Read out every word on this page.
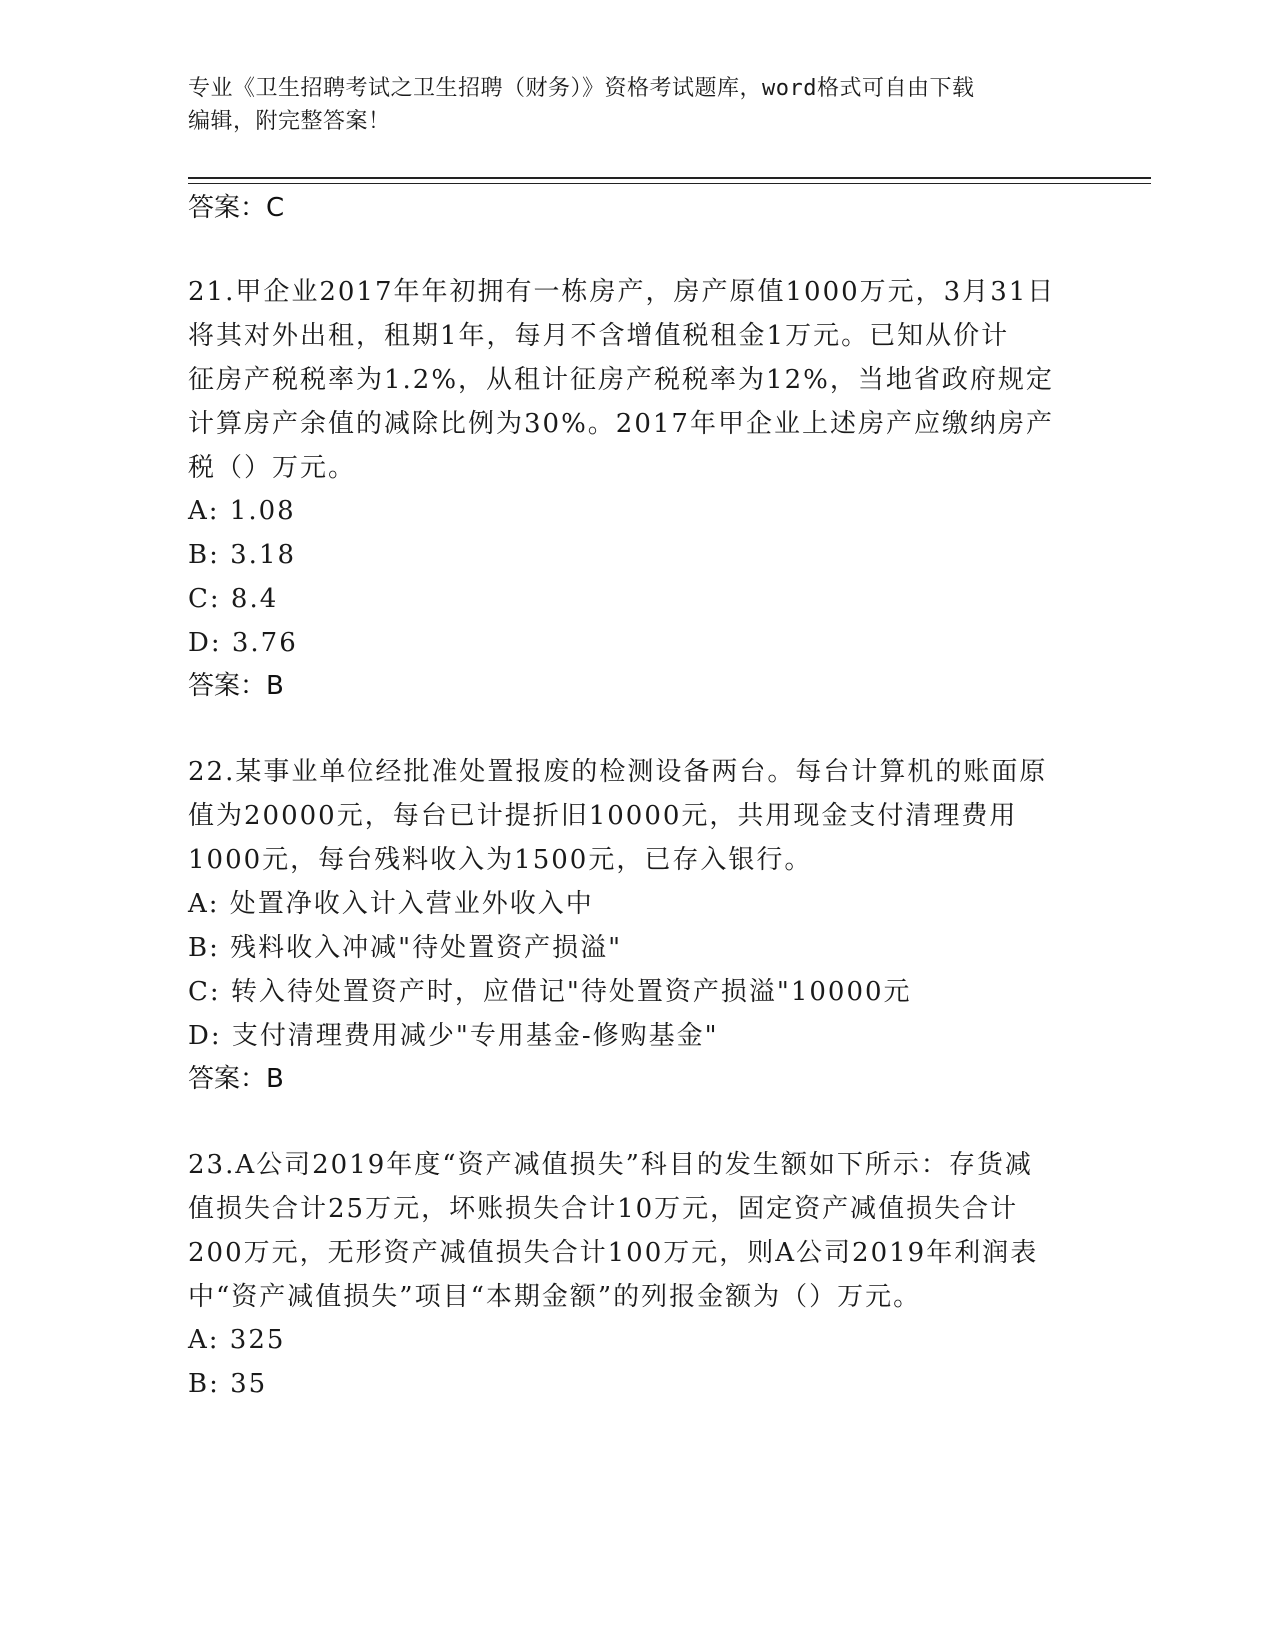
专业《卫生招聘考试之卫生招聘（财务）》资格考试题库，word格式可自由下载
编辑，附完整答案！
答案：C
21.甲企业2017年年初拥有一栋房产，房产原值1000万元，3月31日
将其对外出租，租期1年，每月不含增值税租金1万元。已知从价计
征房产税税率为1.2%，从租计征房产税税率为12%，当地省政府规定
计算房产余值的减除比例为30%。2017年甲企业上述房产应缴纳房产
税（）万元。
A: 1.08
B: 3.18
C: 8.4
D: 3.76
答案：B
22.某事业单位经批准处置报废的检测设备两台。每台计算机的账面原
值为20000元，每台已计提折旧10000元，共用现金支付清理费用
1000元，每台残料收入为1500元，已存入银行。
A: 处置净收入计入营业外收入中
B: 残料收入冲减"待处置资产损溢"
C: 转入待处置资产时，应借记"待处置资产损溢"10000元
D: 支付清理费用减少"专用基金-修购基金"
答案：B
23.A公司2019年度“资产减值损失”科目的发生额如下所示：存货减
值损失合计25万元，坏账损失合计10万元，固定资产减值损失合计
200万元，无形资产减值损失合计100万元，则A公司2019年利润表
中“资产减值损失”项目“本期金额”的列报金额为（）万元。
A: 325
B: 35
